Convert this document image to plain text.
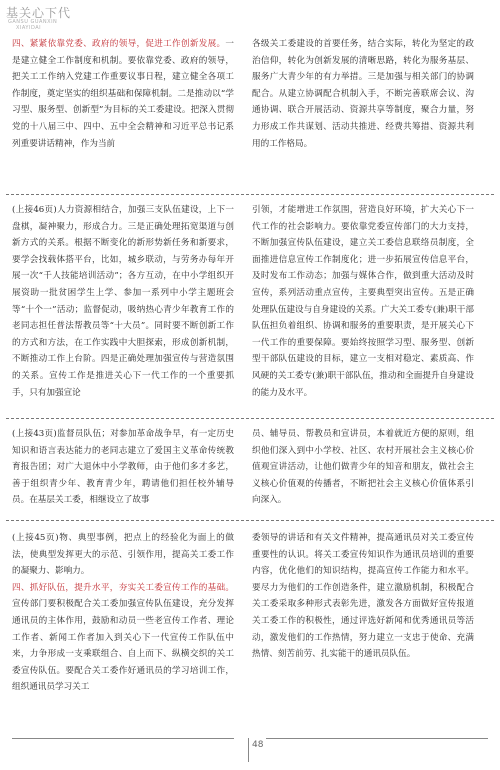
基关心下代
GANSU GUANXIN
XIAYIDAI

四、紧紧依靠党委、政府的领导，促进工作创新发展。一是建立健全工作制度和机制。要依靠党委、政府的领导，把关工工作纳入党建工作重要议事日程，建立健全各项工作制度，奠定坚实的组织基础和保障机制。二是推动以“学习型、服务型、创新型”为目标的关工委建设。把深入贯彻党的十八届三中、四中、五中全会精神和习近平总书记系列重要讲话精神，作为当前

各级关工委建设的首要任务，结合实际，转化为坚定的政治信仰，转化为创新发展的清晰思路，转化为服务基层、服务广大青少年的有力举措。三是加强与相关部门的协调配合。从建立协调配合机制入手，不断完善联席会议、沟通协调、联合开展活动、资源共享等制度，聚合力量，努力形成工作共谋划、活动共推进、经费共筹措、资源共利用的工作格局。

(上接46页)人力资源相结合，加强三支队伍建设，上下一盘棋，凝神聚力，形成合力。三是正确处理拓宽渠道与创新方式的关系。根据不断变化的新形势新任务和新要求，要学会找载体搭平台，比如，城乡联动，与劳务办每年开展一次“千人技能培训活动”；各方互动，在中小学组织开展资助一批贫困学生上学、参加一系列中小学主题班会等“十个一”活动；监督促动，吸纳热心青少年教育工作的老同志担任普法帮教员等“十大员”。同时要不断创新工作的方式和方法，在工作实践中大胆探索，形成创新机制，不断推动工作上台阶。四是正确处理加强宣传与营造氛围的关系。宣传工作是推进关心下一代工作的一个重要抓手，只有加强宣论

引领，才能增进工作氛围，营造良好环境，扩大关心下一代工作的社会影响力。要依靠党委宣传部门的大力支持，不断加强宣传队伍建设，建立关工委信息联络员制度，全面推进信息宣传工作制度化；进一步拓展宣传信息平台，及时发布工作动态；加强与媒体合作，做到重大活动及时宣传，系列活动重点宣传，主要典型突出宣传。五是正确处理队伍建设与自身建设的关系。广大关工委专(兼)职干部队伍担负着组织、协调和服务的重要职责，是开展关心下一代工作的重要保障。要始终按照学习型、服务型、创新型干部队伍建设的目标，建立一支相对稳定、素质高、作风硬的关工委专(兼)职干部队伍，推动和全面提升自身建设的能力及水平。

(上接43页)监督员队伍；对参加革命战争早，有一定历史知识和语言表达能力的老同志建立了爱国主义革命传统教育报告团；对广大退休中小学教师，由于他们多才多艺，善于组织青少年、教育青少年，聘请他们担任校外辅导员。在基层关工委，相继设立了故事

员、辅导员、帮教员和宣讲员，本着就近方便的原则，组织他们深入到中小学校、社区、农村开展社会主义核心价值观宣讲活动，让他们做青少年的知音和朋友，做社会主义核心价值观的传播者，不断把社会主义核心价值体系引向深入。

(上接45页)物、典型事例，把点上的经验化为面上的做法，使典型发挥更大的示范、引领作用，提高关工委工作的凝聚力、影响力。

四、抓好队伍，提升水平，夯实关工委宣传工作的基础。宣传部门要积极配合关工委加强宣传队伍建设，充分发挥通讯员的主体作用，鼓励和动员一些老宣传工作者、理论工作者、新闻工作者加入到关心下一代宣传工作队伍中来，力争形成一支乘联组合、自上而下、纵横交织的关工委宣传队伍。要配合关工委作好通讯员的学习培训工作，组织通讯员学习关工

委领导的讲话和有关文件精神，提高通讯员对关工委宣传重要性的认识。将关工委宣传知识作为通讯员培训的重要内容，优化他们的知识结构，提高宣传工作能力和水平。要尽力为他们的工作创造条件，建立激励机制，积极配合关工委采取多种形式表彰先进，激发各方面做好宣传报道关工委工作的积极性，通过评选好新闻和优秀通讯员等活动，激发他们的工作热情，努力建立一支忠于使命、充满热情、刻苦前劳、扎实能干的通讯员队伍。

48
